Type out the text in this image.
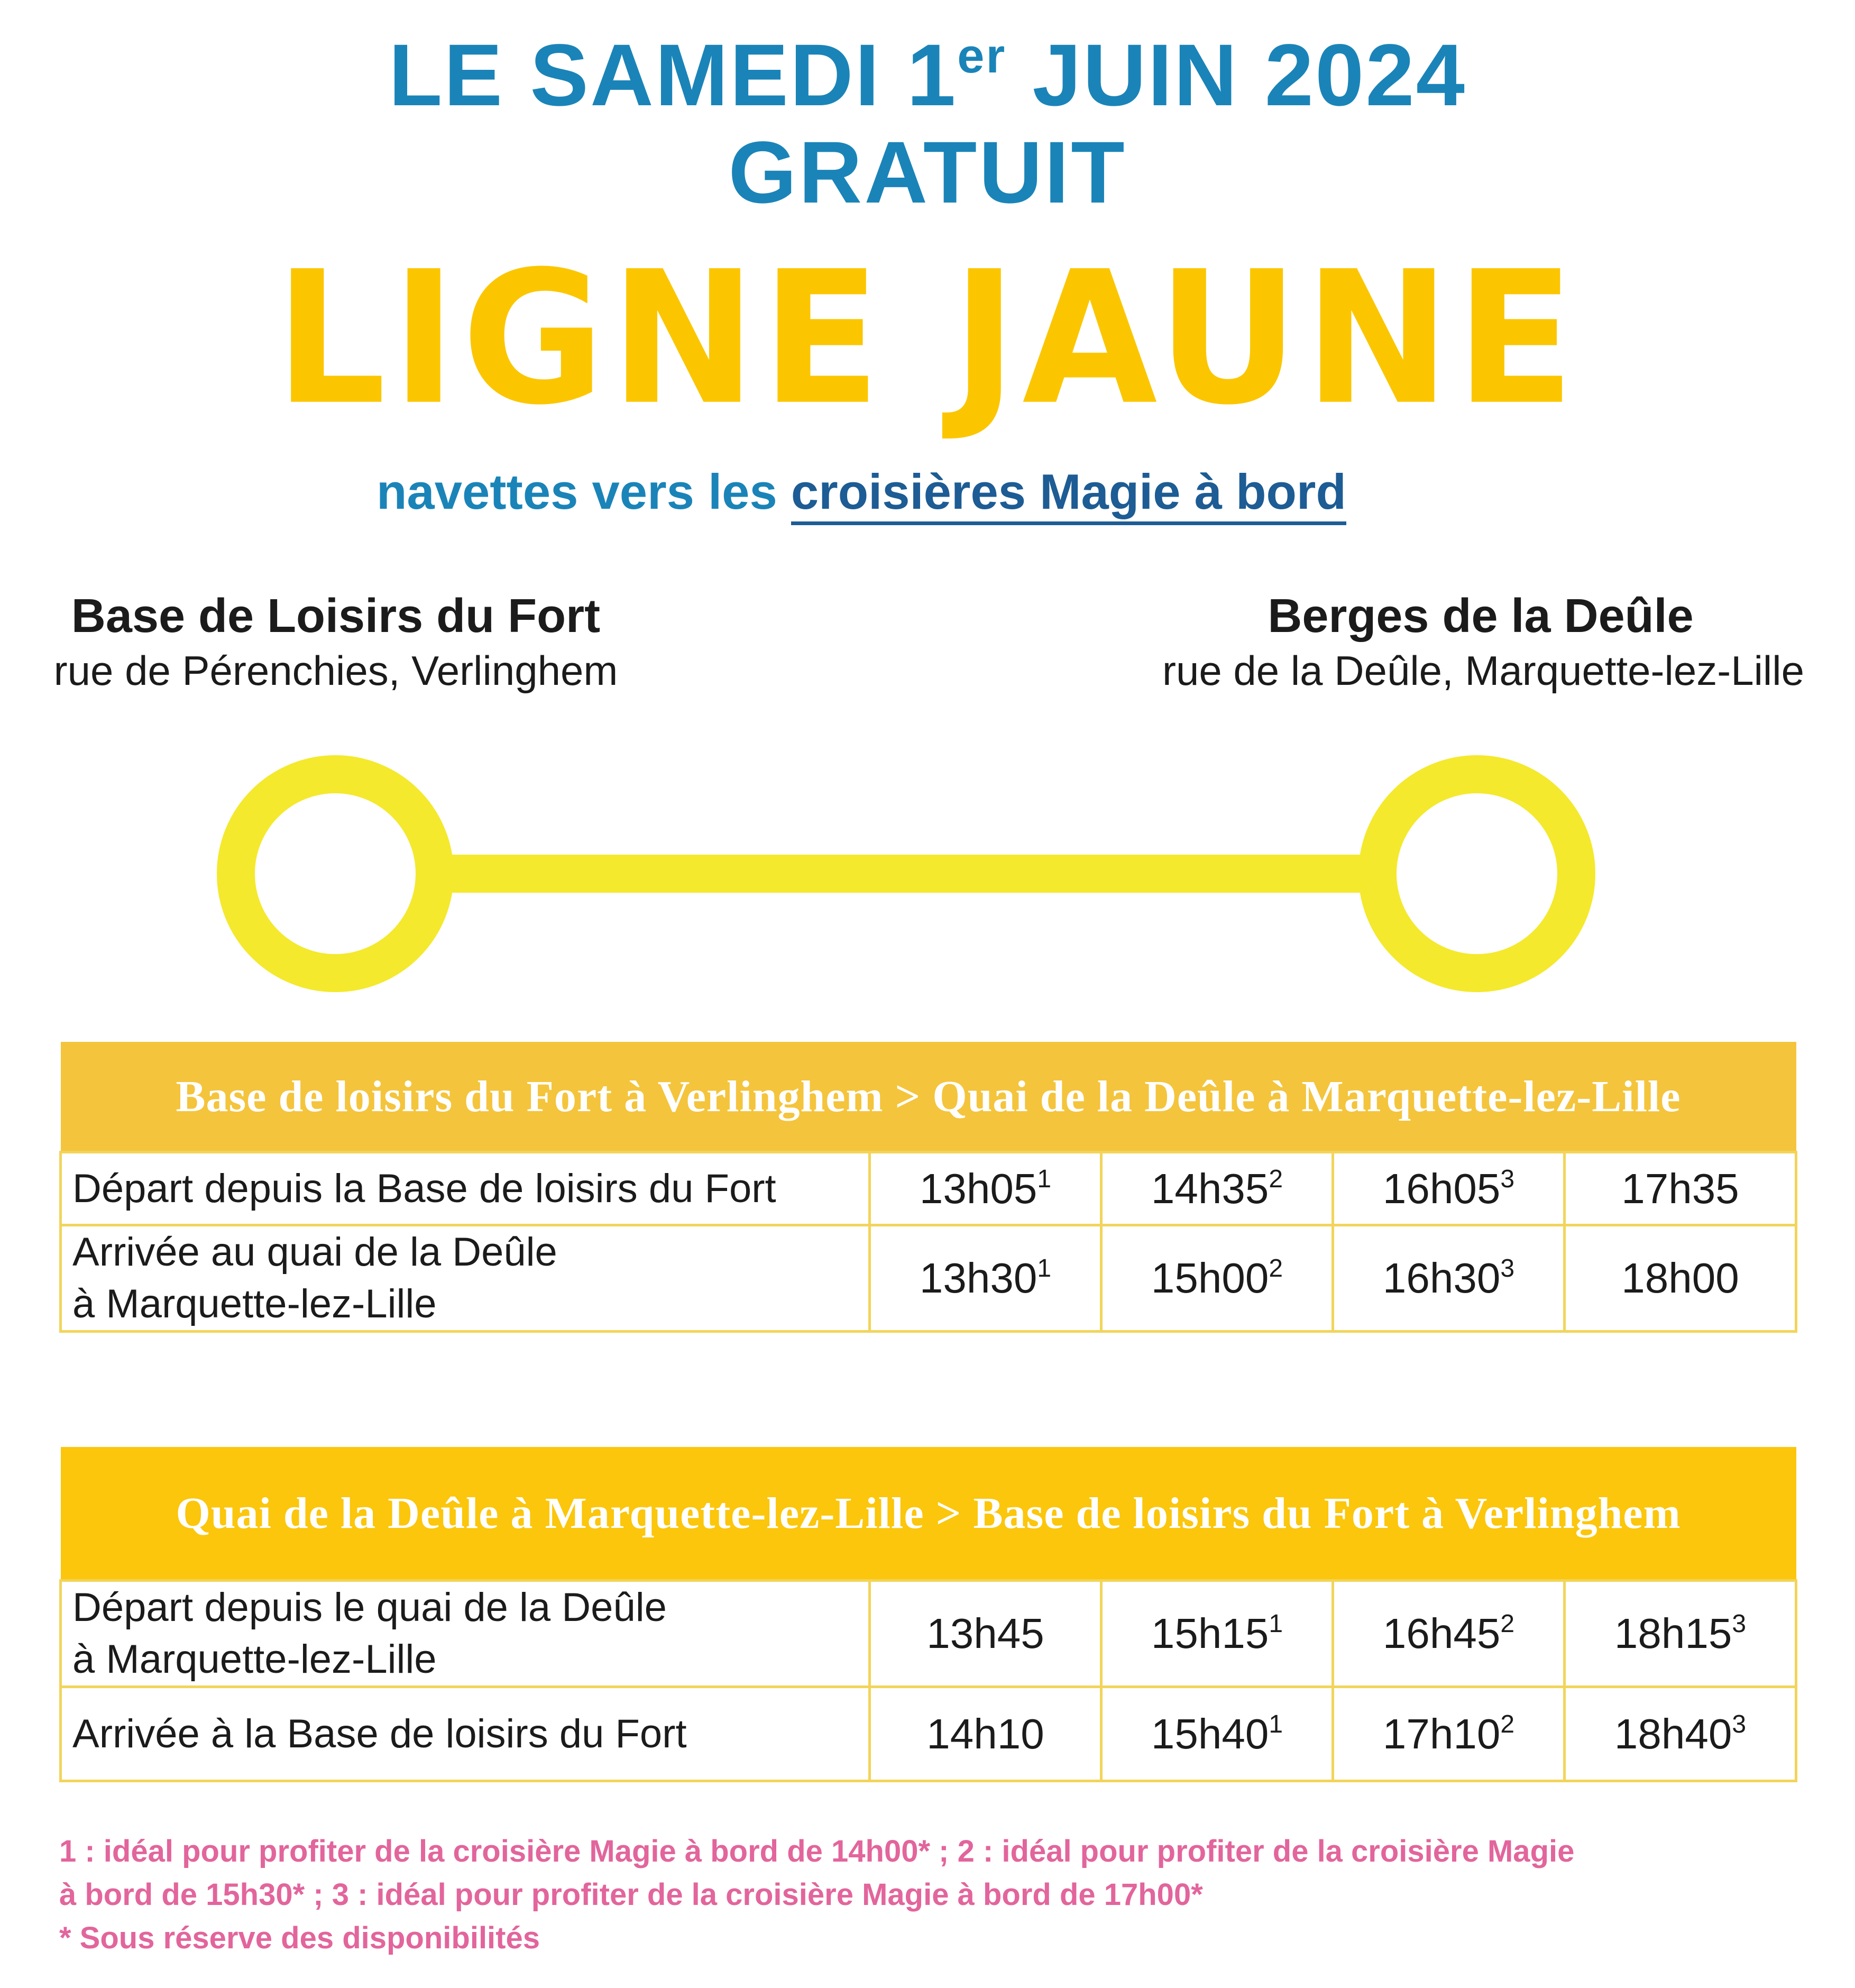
LE SAMEDI 1er JUIN 2024
GRATUIT
LIGNE JAUNE
navettes vers les croisières Magie à bord
Base de Loisirs du Fort
rue de Pérenchies, Verlinghem
Berges de la Deûle
rue de la Deûle, Marquette-lez-Lille
Base de loisirs du Fort à Verlinghem > Quai de la Deûle à Marquette-lez-Lille				
Départ depuis la Base de loisirs du Fort	$13h05^1$	$14h35^2$	$16h05^3$	17h35
Arrivée au quai de la Deûle
à Marquette-lez-Lille	$13h30^1$	$15h00^2$	$16h30^3$	18h00
Quai de la Deûle à Marquette-lez-Lille > Base de loisirs du Fort à Verlinghem				
Départ depuis le quai de la Deûle
à Marquette-lez-Lille	13h45	$15h15^1$	$16h45^2$	$18h15^3$
Arrivée à la Base de loisirs du Fort	14h10	$15h40^1$	$17h10^2$	$18h40^3$
1 : idéal pour profiter de la croisière Magie à bord de 14h00* ; 2 : idéal pour profiter de la croisière Magie
à bord de 15h30* ; 3 : idéal pour profiter de la croisière Magie à bord de 17h00*
* Sous réserve des disponibilités
